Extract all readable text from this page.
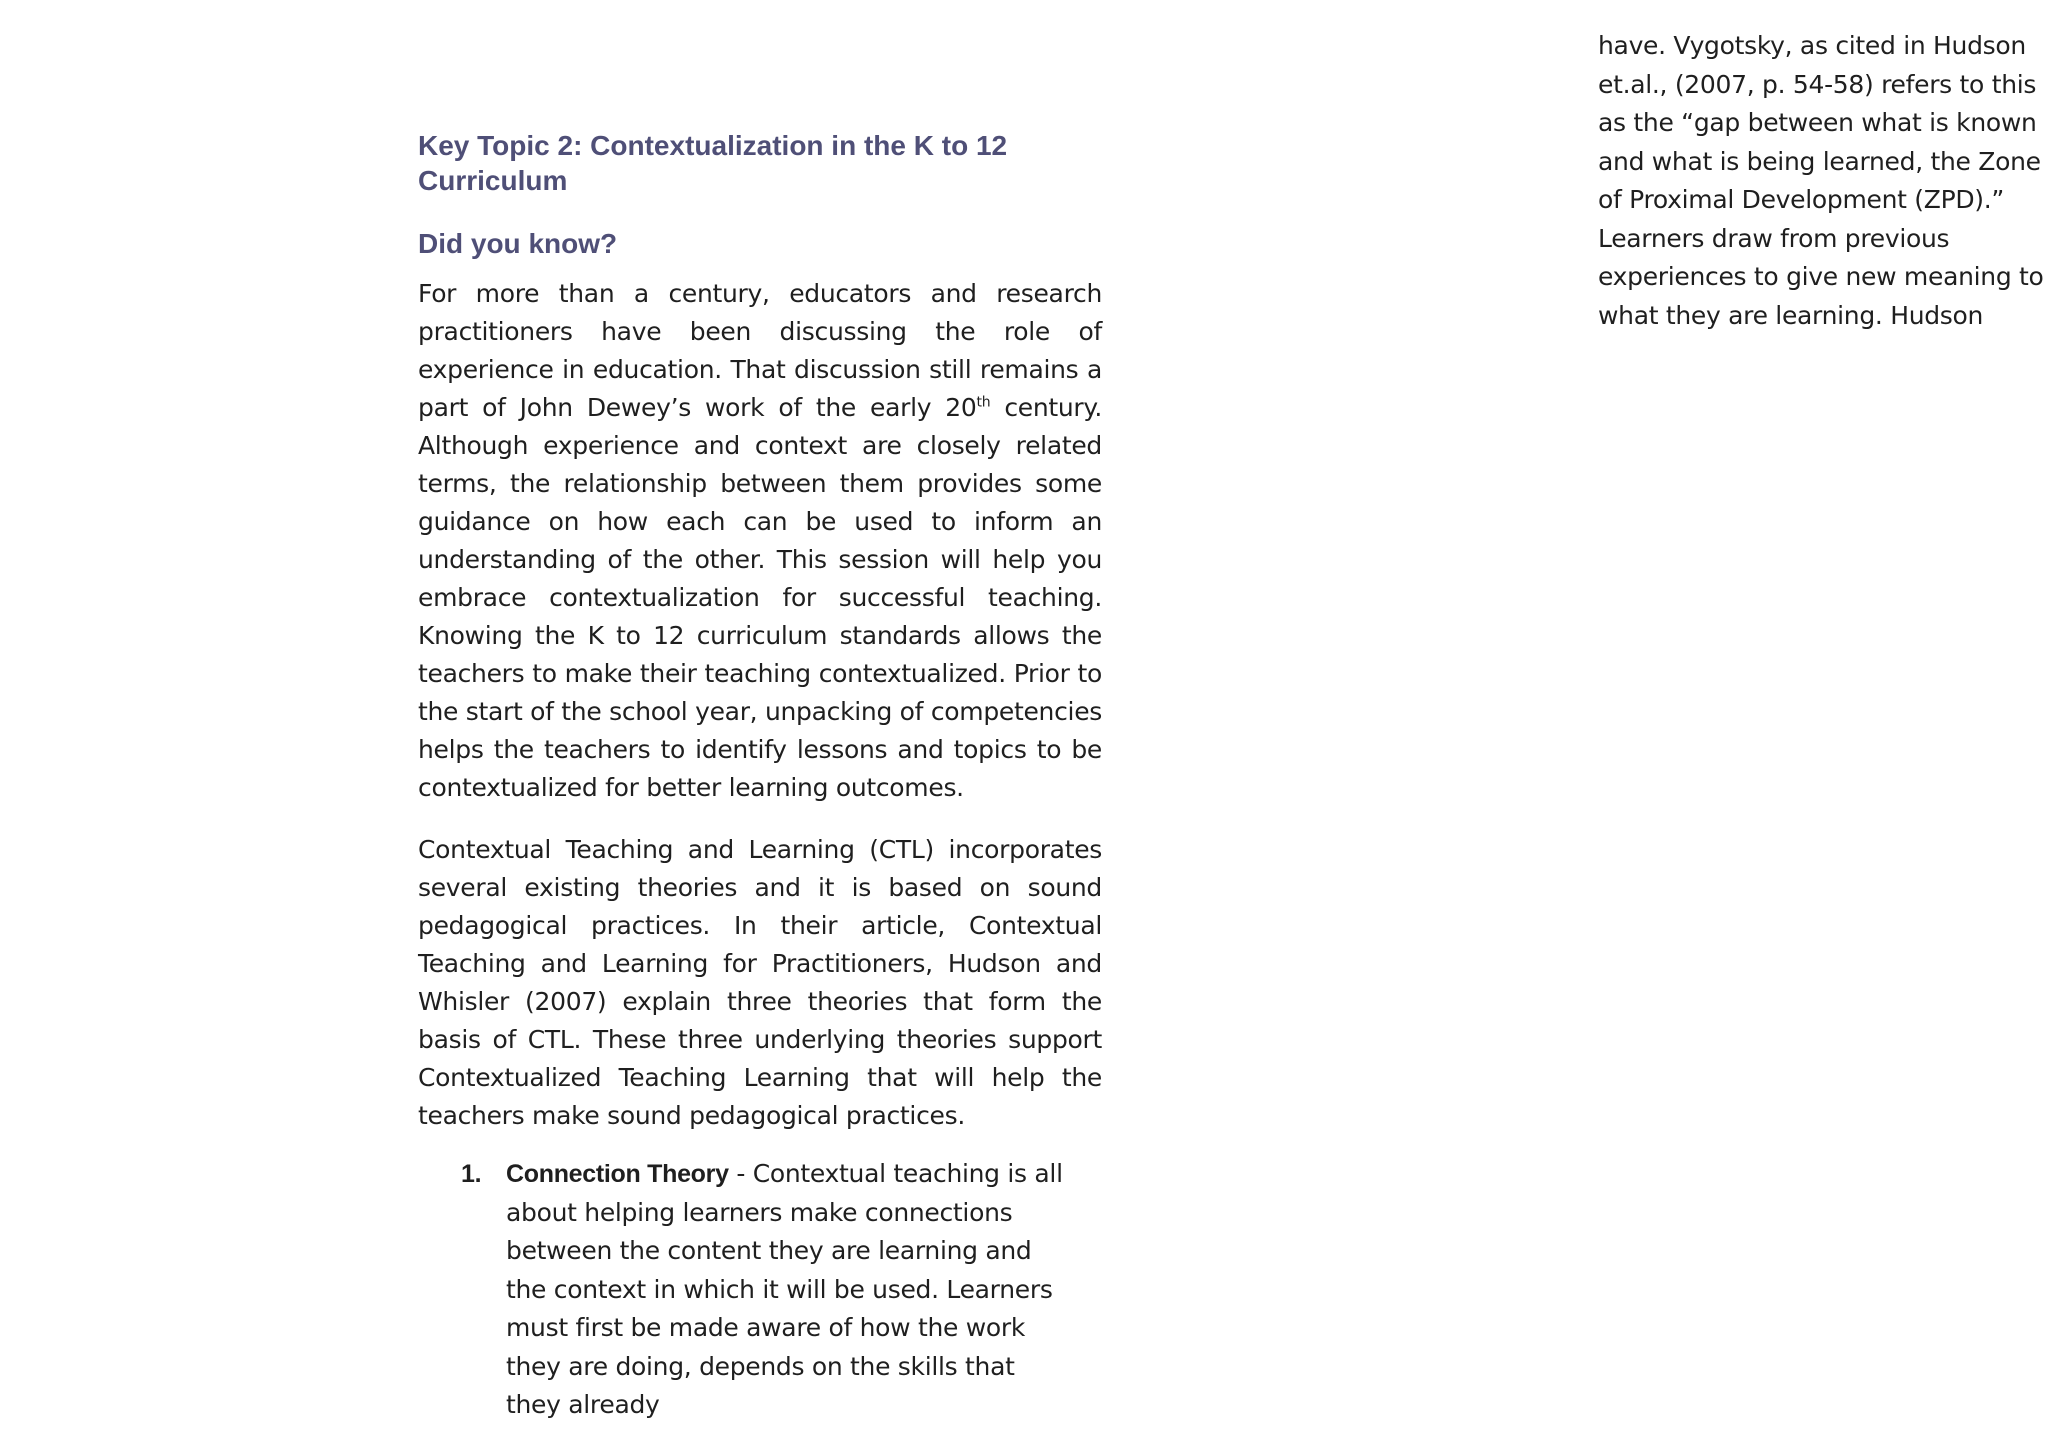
Key Topic 2: Contextualization in the K to 12 Curriculum
Did you know?

For more than a century, educators and research practitioners have been discussing the role of experience in education. That discussion still remains a part of John Dewey’s work of the early 20th century. Although experience and context are closely related terms, the relationship between them provides some guidance on how each can be used to inform an understanding of the other. This session will help you embrace contextualization for successful teaching. Knowing the K to 12 curriculum standards allows the teachers to make their teaching contextualized. Prior to the start of the school year, unpacking of competencies helps the teachers to identify lessons and topics to be contextualized for better learning outcomes.

Contextual Teaching and Learning (CTL) incorporates several existing theories and it is based on sound pedagogical practices. In their article, Contextual Teaching and Learning for Practitioners, Hudson and Whisler (2007) explain three theories that form the basis of CTL. These three underlying theories support Contextualized Teaching Learning that will help the teachers make sound pedagogical practices.

1. Connection Theory - Contextual teaching is all about helping learners make connections between the content they are learning and the context in which it will be used. Learners must first be made aware of how the work they are doing, depends on the skills that they already

have. Vygotsky, as cited in Hudson et.al., (2007, p. 54-58) refers to this as the “gap between what is known and what is being learned, the Zone of Proximal Development (ZPD).” Learners draw from previous experiences to give new meaning to what they are learning. Hudson
